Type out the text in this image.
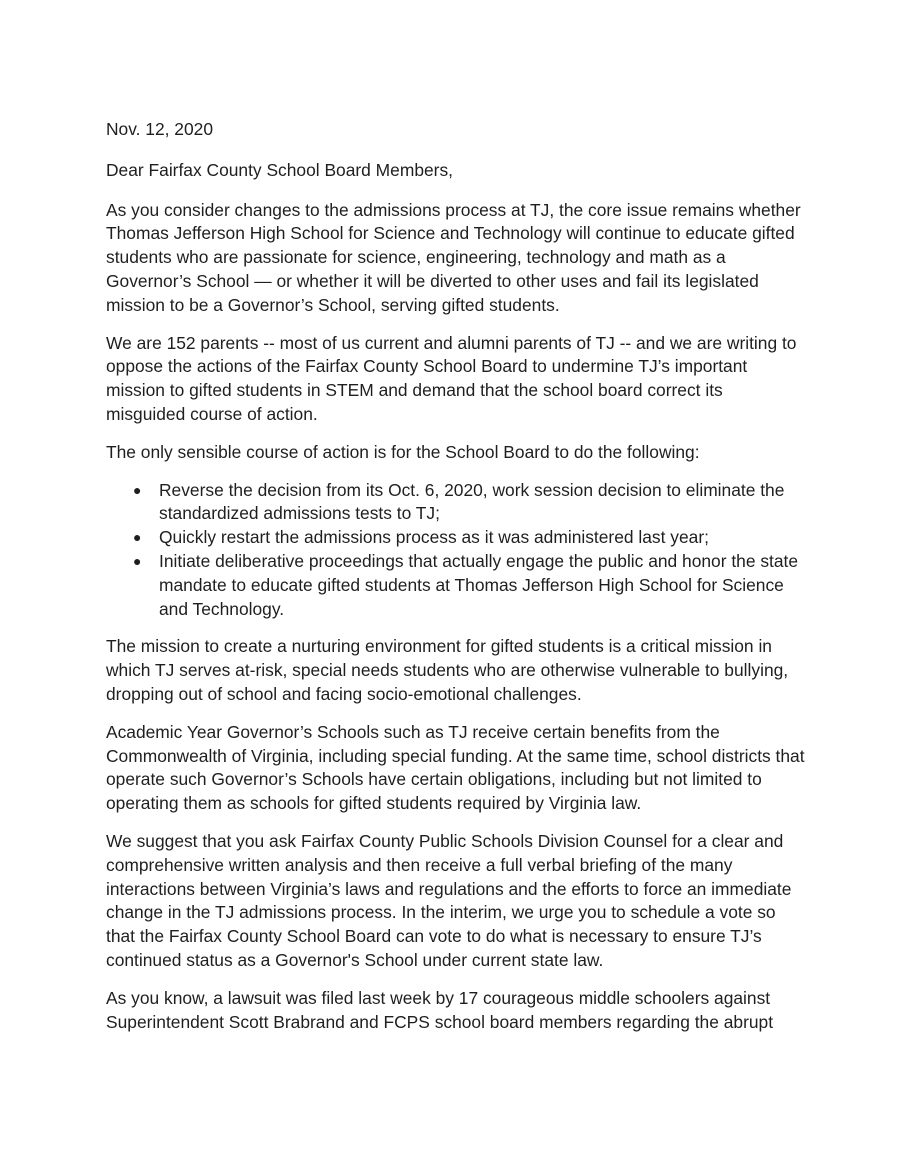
Nov. 12, 2020

Dear Fairfax County School Board Members,

As you consider changes to the admissions process at TJ, the core issue remains whether Thomas Jefferson High School for Science and Technology will continue to educate gifted students who are passionate for science, engineering, technology and math as a Governor’s School — or whether it will be diverted to other uses and fail its legislated mission to be a Governor’s School, serving gifted students.

We are 152 parents -- most of us current and alumni parents of TJ -- and we are writing to oppose the actions of the Fairfax County School Board to undermine TJ’s important mission to gifted students in STEM and demand that the school board correct its misguided course of action.

The only sensible course of action is for the School Board to do the following:

● Reverse the decision from its Oct. 6, 2020, work session decision to eliminate the standardized admissions tests to TJ;
● Quickly restart the admissions process as it was administered last year;
● Initiate deliberative proceedings that actually engage the public and honor the state mandate to educate gifted students at Thomas Jefferson High School for Science and Technology.

The mission to create a nurturing environment for gifted students is a critical mission in which TJ serves at-risk, special needs students who are otherwise vulnerable to bullying, dropping out of school and facing socio-emotional challenges.

Academic Year Governor’s Schools such as TJ receive certain benefits from the Commonwealth of Virginia, including special funding. At the same time, school districts that operate such Governor’s Schools have certain obligations, including but not limited to operating them as schools for gifted students required by Virginia law.

We suggest that you ask Fairfax County Public Schools Division Counsel for a clear and comprehensive written analysis and then receive a full verbal briefing of the many interactions between Virginia’s laws and regulations and the efforts to force an immediate change in the TJ admissions process. In the interim, we urge you to schedule a vote so that the Fairfax County School Board can vote to do what is necessary to ensure TJ’s continued status as a Governor's School under current state law.

As you know, a lawsuit was filed last week by 17 courageous middle schoolers against Superintendent Scott Brabrand and FCPS school board members regarding the abrupt
